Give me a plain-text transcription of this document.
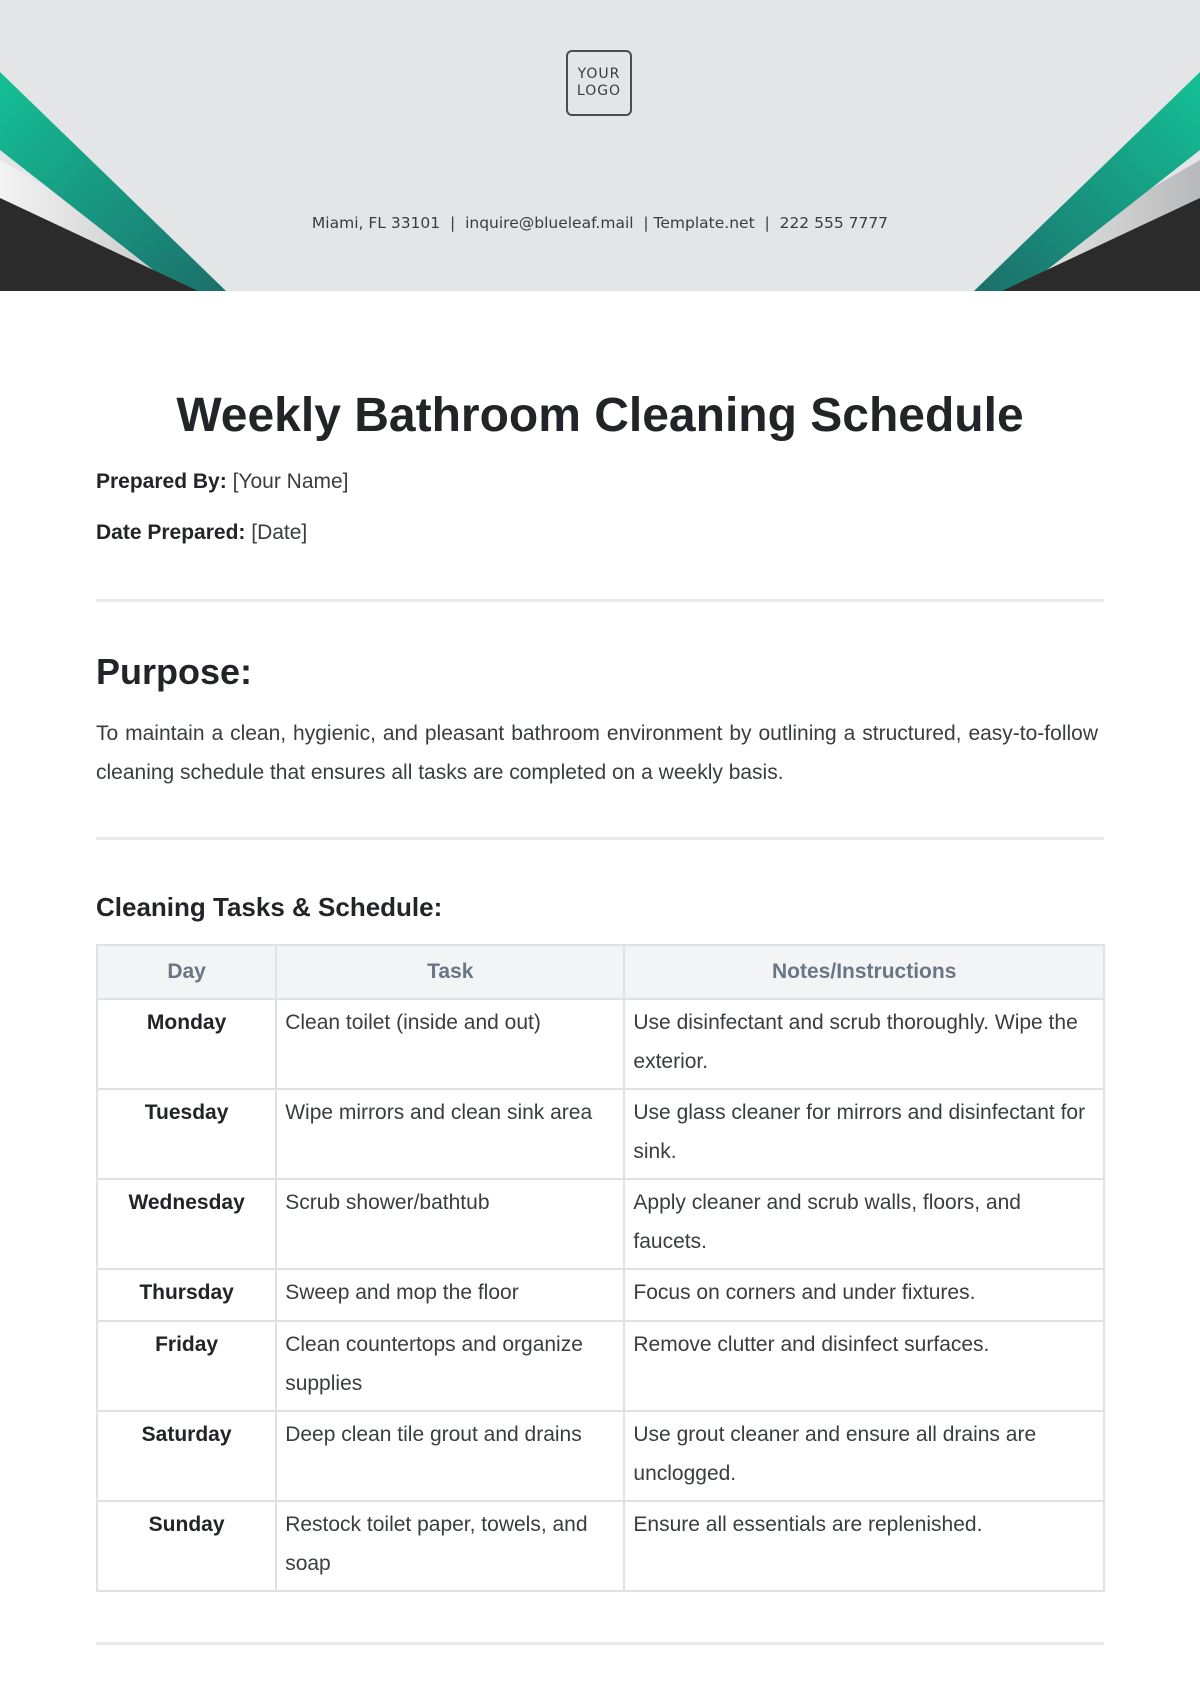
YOUR
LOGO
Miami, FL 33101  |  inquire@blueleaf.mail  | Template.net  |  222 555 7777
Weekly Bathroom Cleaning Schedule
Prepared By: [Your Name]
Date Prepared: [Date]
Purpose:

To maintain a clean, hygienic, and pleasant bathroom environment by outlining a structured, easy-to-follow cleaning schedule that ensures all tasks are completed on a weekly basis.

Cleaning Tasks & Schedule:
Day	Task	Notes/Instructions
Monday	Clean toilet (inside and out)	Use disinfectant and scrub thoroughly. Wipe the exterior.
Tuesday	Wipe mirrors and clean sink area	Use glass cleaner for mirrors and disinfectant for sink.
Wednesday	Scrub shower/bathtub	Apply cleaner and scrub walls, floors, and faucets.
Thursday	Sweep and mop the floor	Focus on corners and under fixtures.
Friday	Clean countertops and organize supplies	Remove clutter and disinfect surfaces.
Saturday	Deep clean tile grout and drains	Use grout cleaner and ensure all drains are unclogged.
Sunday	Restock toilet paper, towels, and soap	Ensure all essentials are replenished.
